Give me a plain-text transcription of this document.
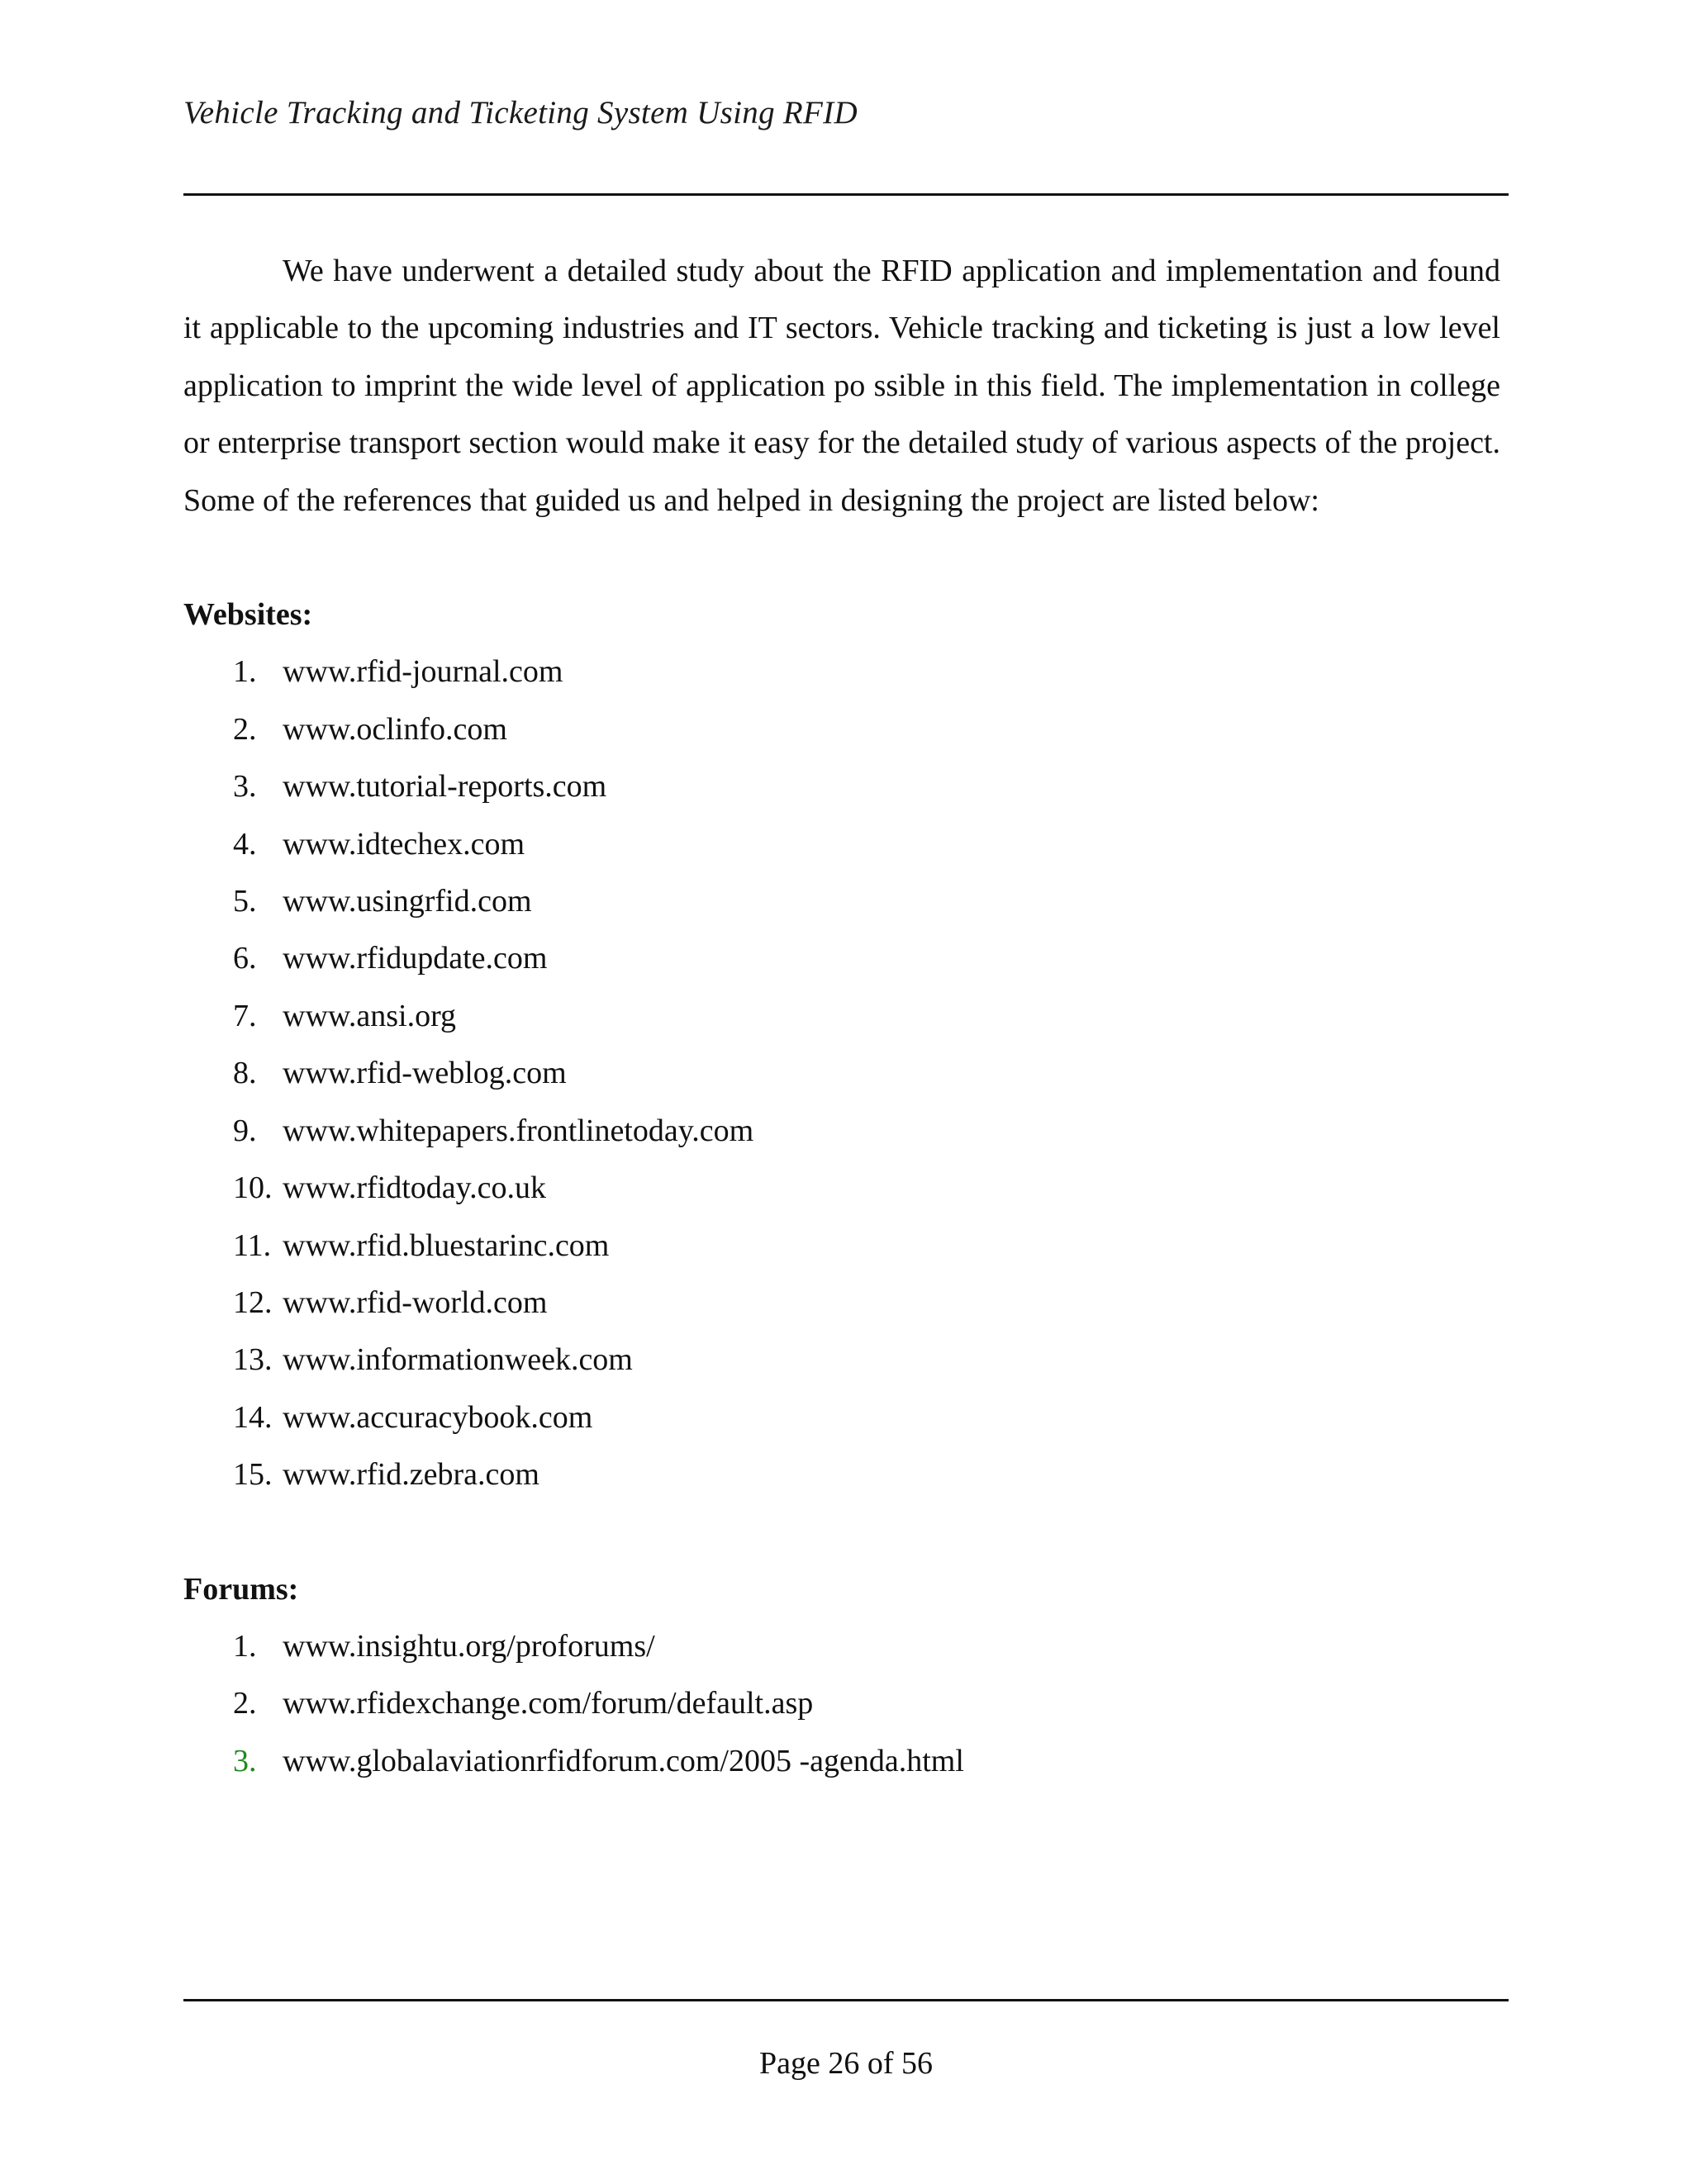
Vehicle Tracking and Ticketing System Using RFID

We have underwent a detailed study about the RFID application and implementation and found it applicable to the upcoming industries and IT sectors. Vehicle tracking and ticketing is just a low level application to imprint the wide level of application po ssible in this field. The implementation in college or enterprise transport section would make it easy for the detailed study of various aspects of the project. Some of the references that guided us and helped in designing the project are listed below:

Websites:
1. www.rfid-journal.com
2. www.oclinfo.com
3. www.tutorial-reports.com
4. www.idtechex.com
5. www.usingrfid.com
6. www.rfidupdate.com
7. www.ansi.org
8. www.rfid-weblog.com
9. www.whitepapers.frontlinetoday.com
10. www.rfidtoday.co.uk
11. www.rfid.bluestarinc.com
12. www.rfid-world.com
13. www.informationweek.com
14. www.accuracybook.com
15. www.rfid.zebra.com
Forums:
1. www.insightu.org/proforums/
2. www.rfidexchange.com/forum/default.asp
3. www.globalaviationrfidforum.com/2005 -agenda.html
Page 26 of 56
